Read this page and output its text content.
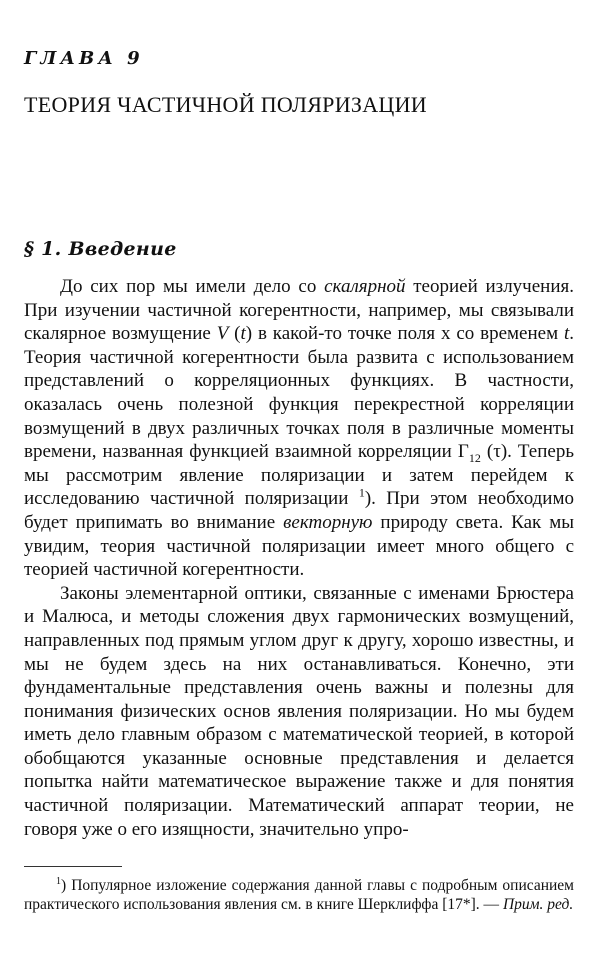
ГЛАВА 9
ТЕОРИЯ ЧАСТИЧНОЙ ПОЛЯРИЗАЦИИ
§ 1. Введение

До сих пор мы имели дело со скалярной теорией излучения. При изучении частичной когерентности, например, мы связывали скалярное возмущение V (t) в какой-то точке поля x со временем t. Теория частичной когерентности была развита с использованием представлений о корреляционных функциях. В частности, оказалась очень полезной функция перекрестной корреляции возмущений в двух различных точках поля в различные моменты времени, названная функцией взаимной корреляции $\Gamma_{12}$ (τ). Теперь мы рассмотрим явление поляризации и затем перейдем к исследованию частичной поляризации $^1$). При этом необходимо будет припимать во внимание векторную природу света. Как мы увидим, теория частичной поляризации имеет много общего с теорией частичной когерентности.

Законы элементарной оптики, связанные с именами Брюстера и Малюса, и методы сложения двух гармонических возмущений, направленных под прямым углом друг к другу, хорошо известны, и мы не будем здесь на них останавливаться. Конечно, эти фундаментальные представления очень важны и полезны для понимания физических основ явления поляризации. Но мы будем иметь дело главным образом с математической теорией, в которой обобщаются указанные основные представления и делается попытка найти математическое выражение также и для понятия частичной поляризации. Математический аппарат теории, не говоря уже о его изящности, значительно упро-

$^1$) Популярное изложение содержания данной главы с подробным описанием практического использования явления см. в книге Шерклиффа [17*]. — Прим. ред.
